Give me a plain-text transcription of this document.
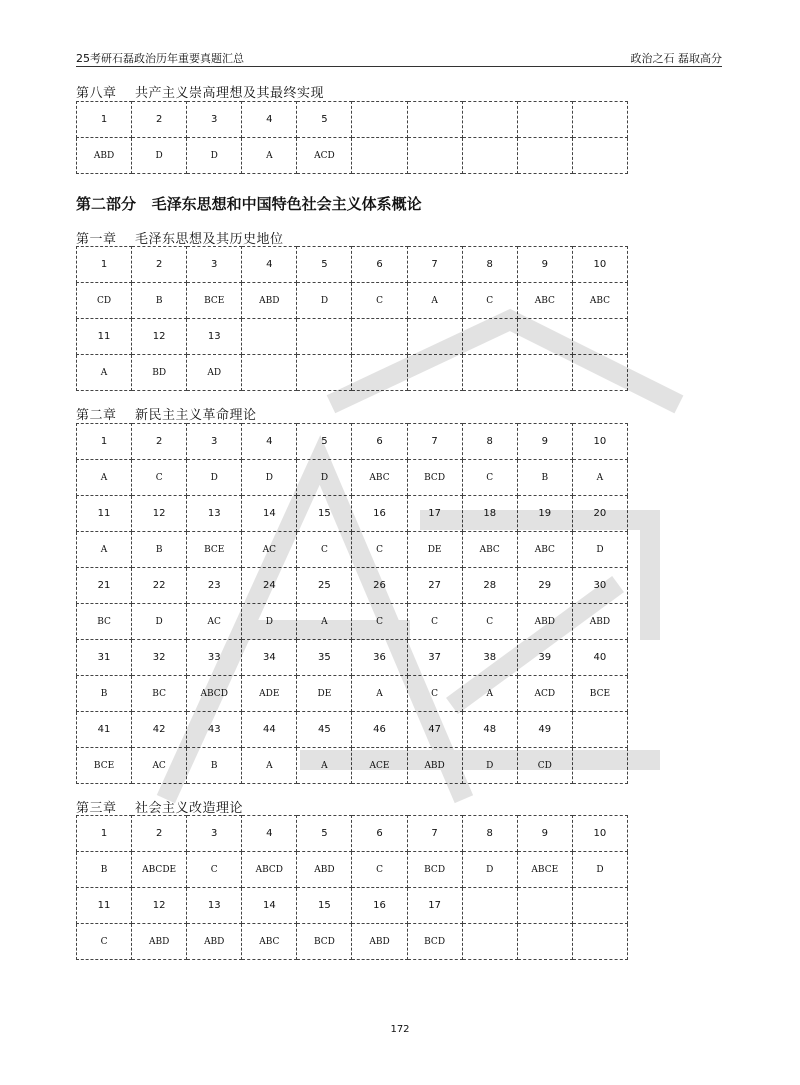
25考研石磊政治历年重要真题汇总	政治之石 磊取高分
第八章    共产主义崇高理想及其最终实现
1	2	3	4	5					
ABD	D	D	A	ACD					
第二部分   毛泽东思想和中国特色社会主义体系概论
第一章    毛泽东思想及其历史地位
1	2	3	4	5	6	7	8	9	10
CD	B	BCE	ABD	D	C	A	C	ABC	ABC
11	12	13							
A	BD	AD							
第二章    新民主主义革命理论
1	2	3	4	5	6	7	8	9	10
A	C	D	D	D	ABC	BCD	C	B	A
11	12	13	14	15	16	17	18	19	20
A	B	BCE	AC	C	C	DE	ABC	ABC	D
21	22	23	24	25	26	27	28	29	30
BC	D	AC	D	A	C	C	C	ABD	ABD
31	32	33	34	35	36	37	38	39	40
B	BC	ABCD	ADE	DE	A	C	A	ACD	BCE
41	42	43	44	45	46	47	48	49	
BCE	AC	B	A	A	ACE	ABD	D	CD	
第三章    社会主义改造理论
1	2	3	4	5	6	7	8	9	10
B	ABCDE	C	ABCD	ABD	C	BCD	D	ABCE	D
11	12	13	14	15	16	17			
C	ABD	ABD	ABC	BCD	ABD	BCD			
172
